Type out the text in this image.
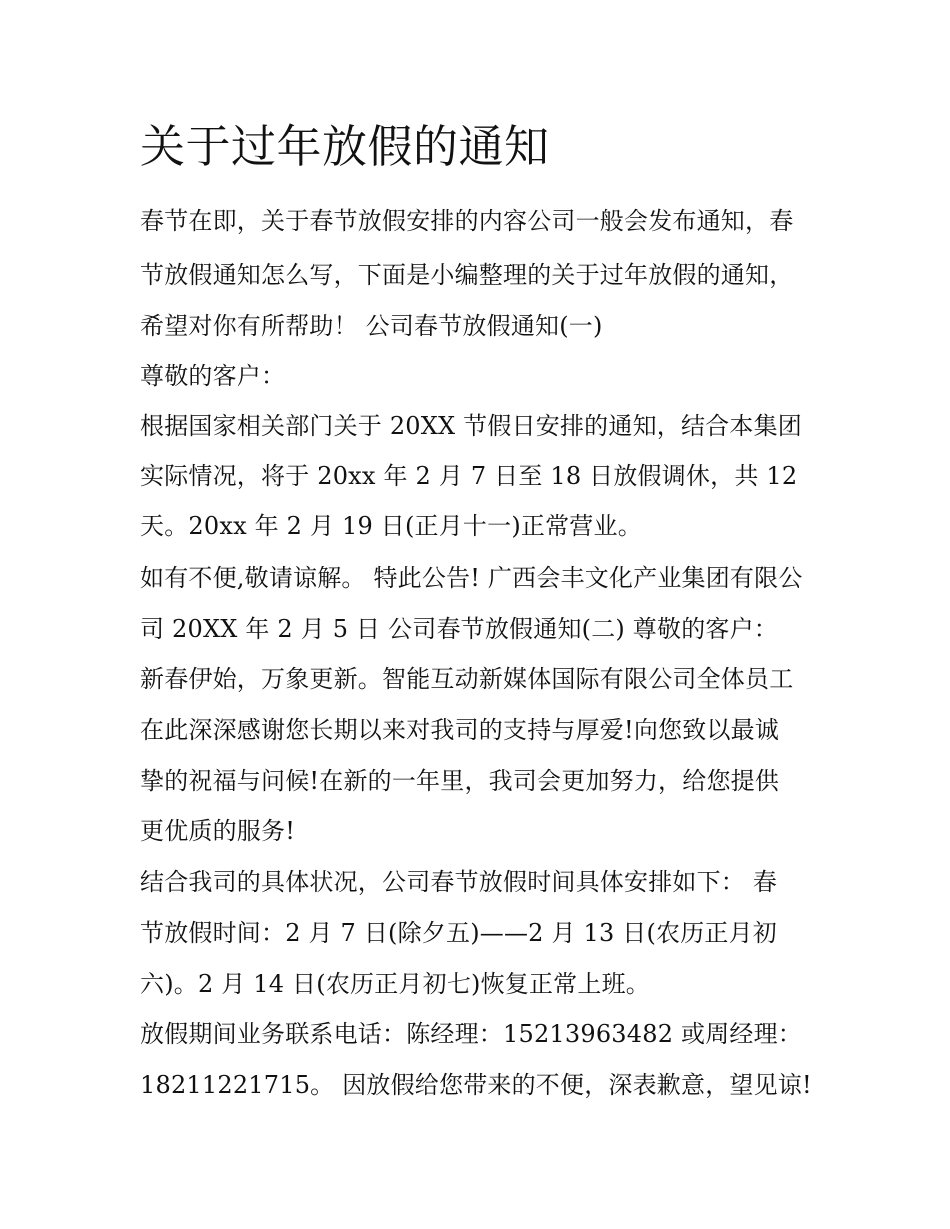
关于过年放假的通知
春节在即，关于春节放假安排的内容公司一般会发布通知，春
节放假通知怎么写，下面是小编整理的关于过年放假的通知，
希望对你有所帮助！ 公司春节放假通知(一)
尊敬的客户：
根据国家相关部门关于 20XX 节假日安排的通知，结合本集团
实际情况，将于 20xx 年 2 月 7 日至 18 日放假调休，共 12
天。20xx 年 2 月 19 日(正月十一)正常营业。
如有不便,敬请谅解。 特此公告! 广西会丰文化产业集团有限公
司 20XX 年 2 月 5 日 公司春节放假通知(二) 尊敬的客户：
新春伊始，万象更新。智能互动新媒体国际有限公司全体员工
在此深深感谢您长期以来对我司的支持与厚爱!向您致以最诚
挚的祝福与问候!在新的一年里，我司会更加努力，给您提供
更优质的服务!
结合我司的具体状况，公司春节放假时间具体安排如下： 春
节放假时间：2 月 7 日(除夕五)——2 月 13 日(农历正月初
六)。2 月 14 日(农历正月初七)恢复正常上班。
放假期间业务联系电话：陈经理：15213963482 或周经理：
18211221715。 因放假给您带来的不便，深表歉意，望见谅!
